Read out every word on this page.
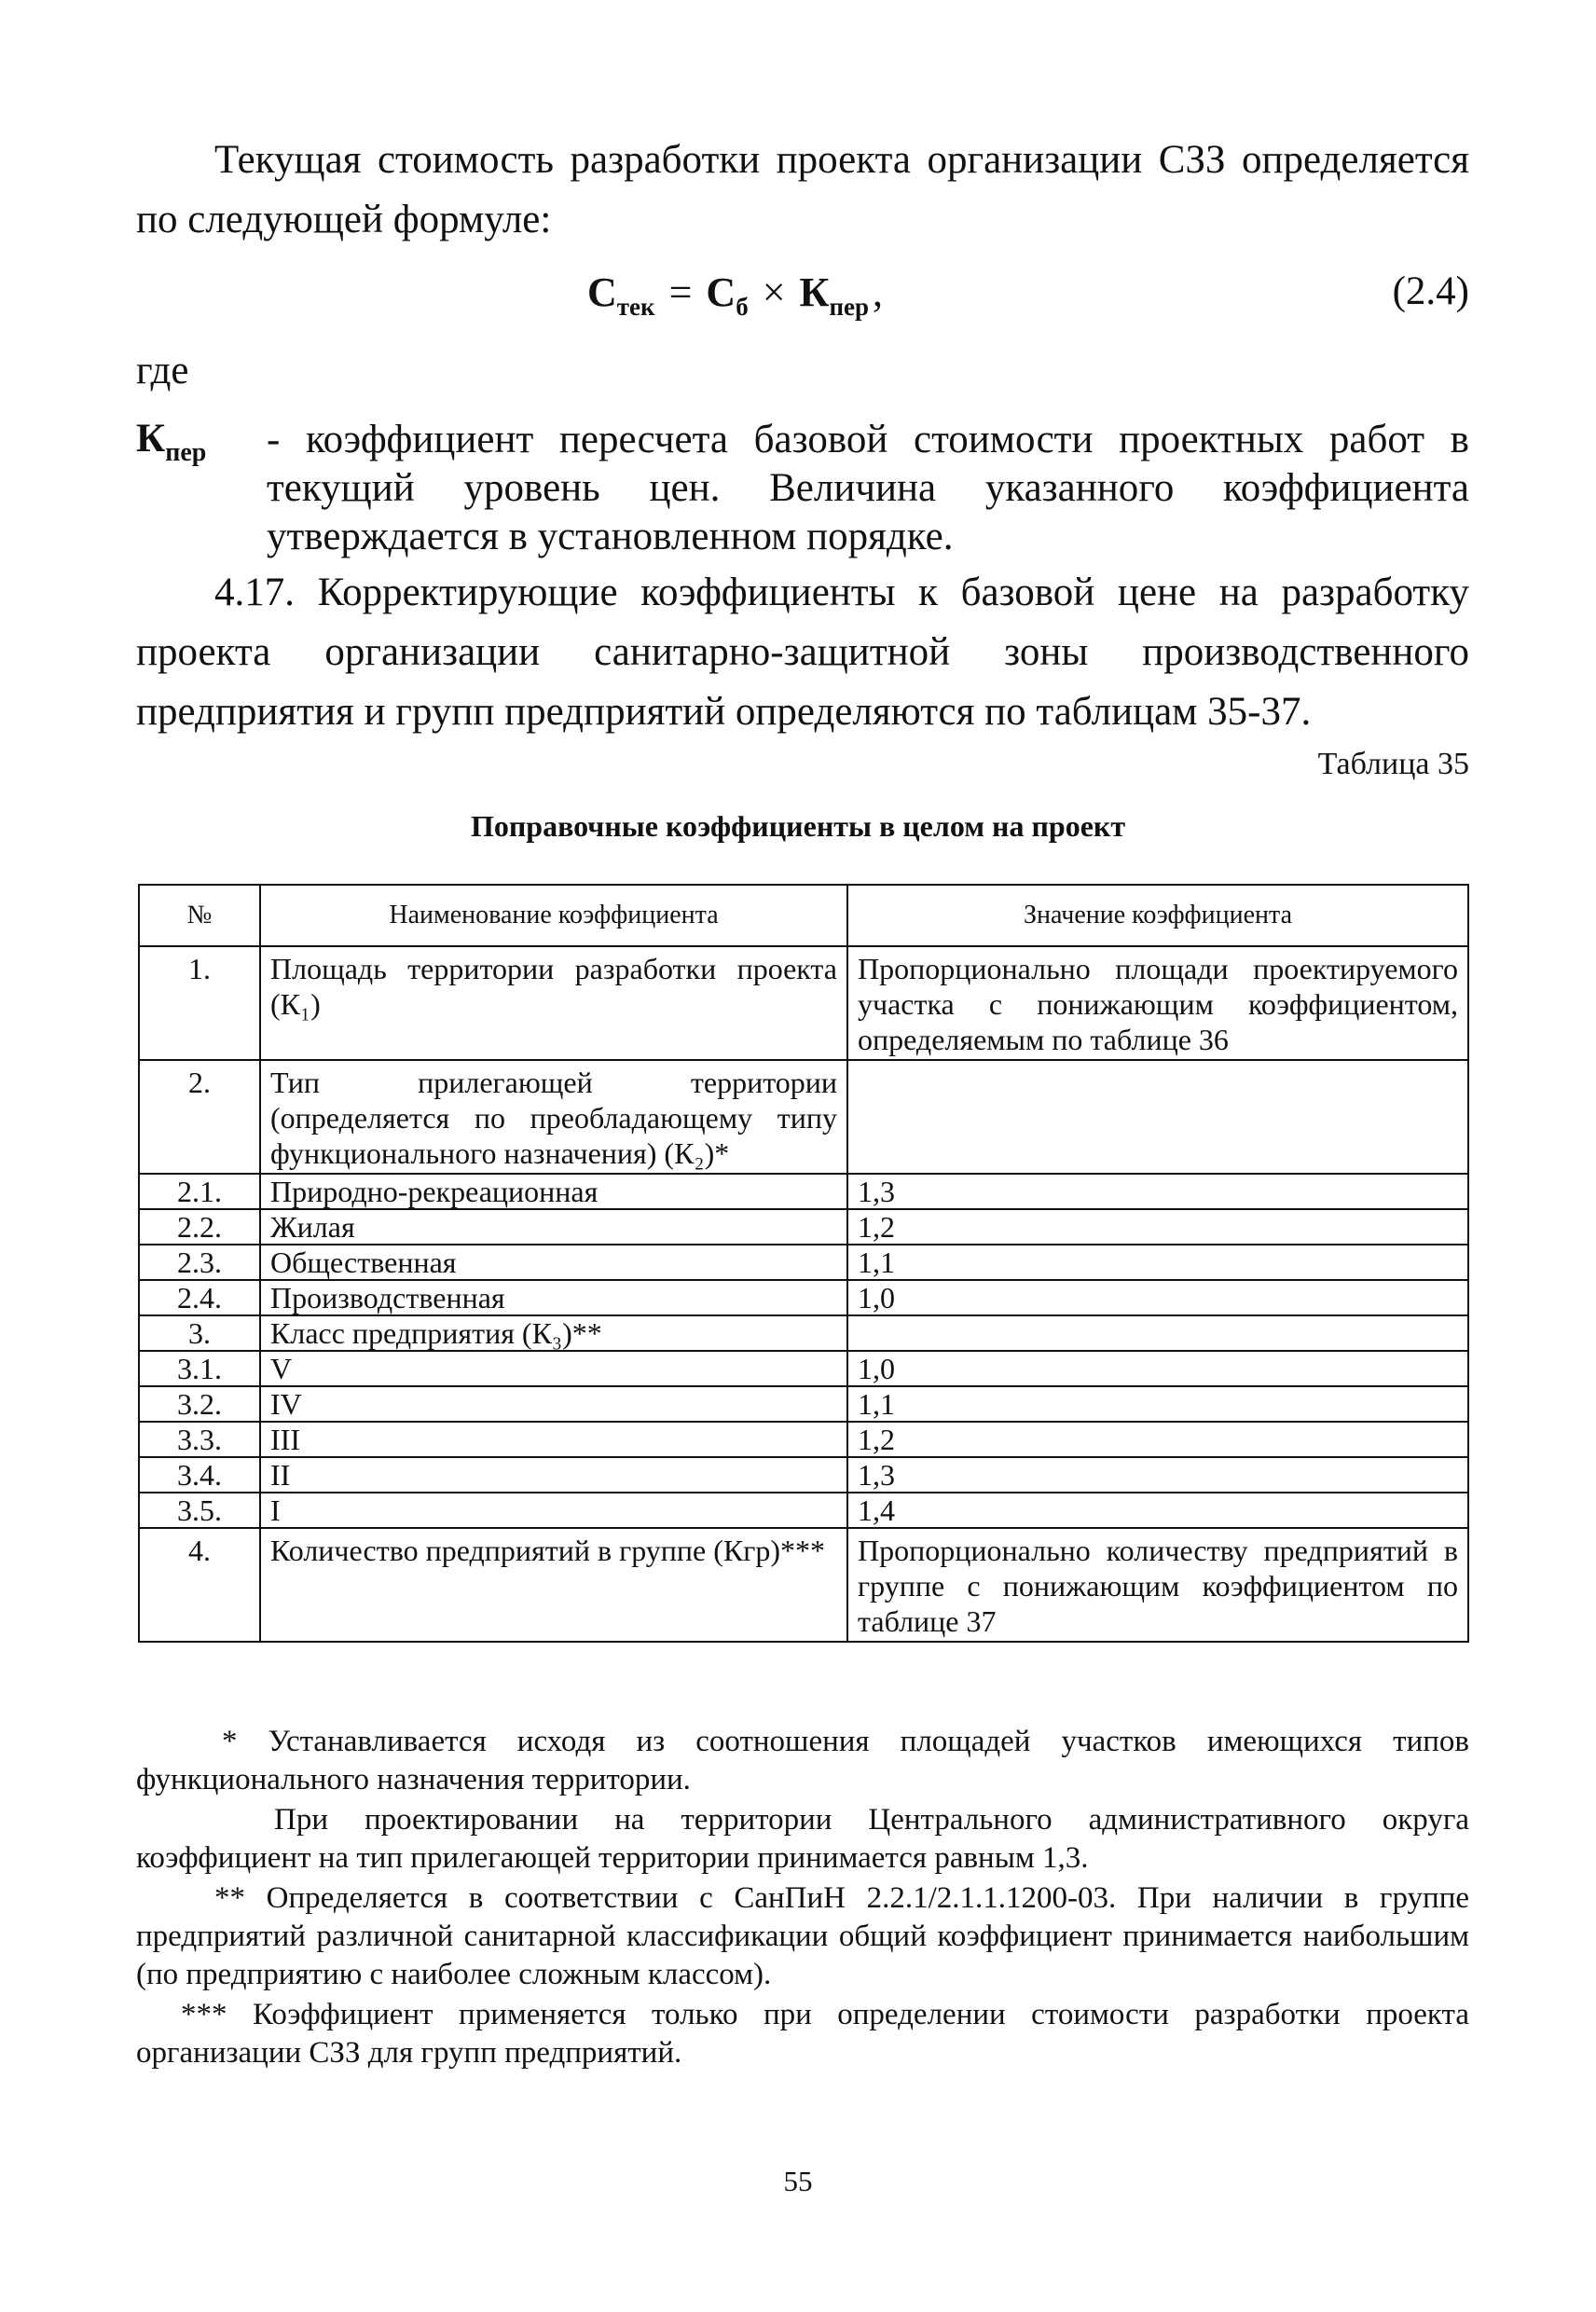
Текущая стоимость разработки проекта организации СЗЗ определяется по следующей формуле:

$С_{тек} = С_б \times К_{пер}$,	(2.4)
где
$К_{пер}$ - коэффициент пересчета базовой стоимости проектных работ в текущий уровень цен. Величина указанного коэффициента утверждается в установленном порядке.

4.17. Корректирующие коэффициенты к базовой цене на разработку проекта организации санитарно-защитной зоны производственного предприятия и групп предприятий определяются по таблицам 35-37.

Таблица 35
Поправочные коэффициенты в целом на проект
№	Наименование коэффициента	Значение коэффициента
1.	Площадь территории разработки проекта (К₁)	Пропорционально площади проектируемого участка с понижающим коэффициентом, определяемым по таблице 36
2.	Тип прилегающей территории (определяется по преобладающему типу функционального назначения) (К₂)*	
2.1.	Природно-рекреационная	1,3
2.2.	Жилая	1,2
2.3.	Общественная	1,1
2.4.	Производственная	1,0
3.	Класс предприятия (К₃)**	
3.1.	V	1,0
3.2.	IV	1,1
3.3.	III	1,2
3.4.	II	1,3
3.5.	I	1,4
4.	Количество предприятий в группе (Кгр)***	Пропорционально количеству предприятий в группе с понижающим коэффициентом по таблице 37

* Устанавливается исходя из соотношения площадей участков имеющихся типов функционального назначения территории.

При проектировании на территории Центрального административного округа коэффициент на тип прилегающей территории принимается равным 1,3.

** Определяется в соответствии с СанПиН 2.2.1/2.1.1.1200-03. При наличии в группе предприятий различной санитарной классификации общий коэффициент принимается наибольшим (по предприятию с наиболее сложным классом).

*** Коэффициент применяется только при определении стоимости разработки проекта организации СЗЗ для групп предприятий.

55
